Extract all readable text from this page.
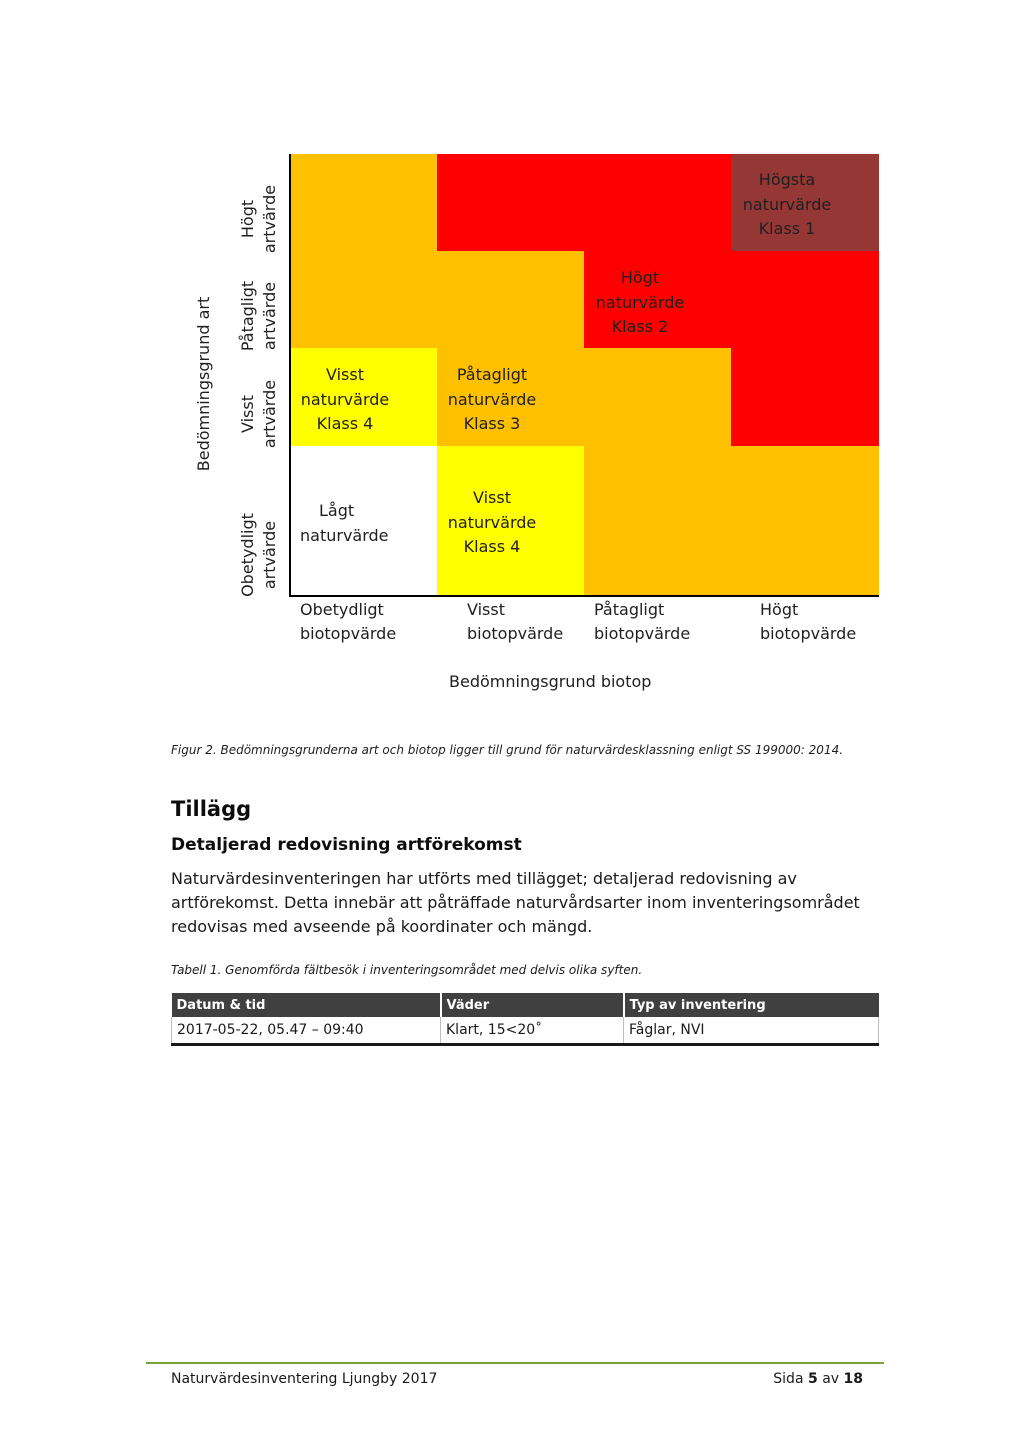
Högsta
naturvärde
Klass 1
Högt
naturvärde
Klass 2
Visst
naturvärde
Klass 4
Påtagligt
naturvärde
Klass 3
Lågt
naturvärde
Visst
naturvärde
Klass 4
Högt artvärde
Påtagligt artvärde
Visst artvärde
Obetydligt artvärde
Bedömningsgrund art
Obetydligt
biotopvärde
Visst
biotopvärde
Påtagligt
biotopvärde
Högt
biotopvärde
Bedömningsgrund biotop
Figur 2. Bedömningsgrunderna art och biotop ligger till grund för naturvärdesklassning enligt SS 199000: 2014.
Tillägg
Detaljerad redovisning artförekomst

Naturvärdesinventeringen har utförts med tillägget; detaljerad redovisning av artförekomst. Detta innebär att påträffade naturvårdsarter inom inventeringsområdet redovisas med avseende på koordinater och mängd.

Tabell 1. Genomförda fältbesök i inventeringsområdet med delvis olika syften.
Datum & tid	Väder	Typ av inventering
2017-05-22, 05.47 – 09:40	Klart, 15<20˚	Fåglar, NVI
Naturvärdesinventering Ljungby 2017	Sida 5 av 18
